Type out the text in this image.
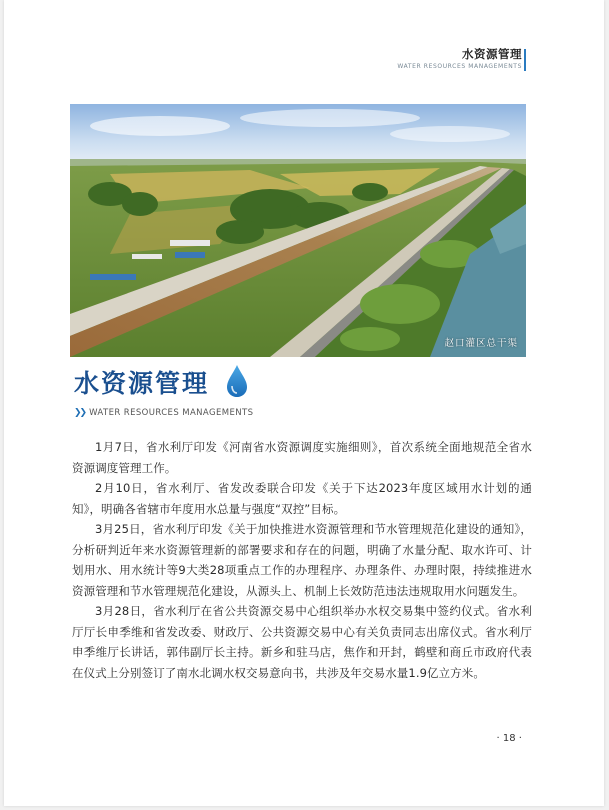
水资源管理
WATER RESOURCES MANAGEMENTS
赵口灌区总干渠
水资源管理
❯❯ WATER RESOURCES MANAGEMENTS

1月7日，省水利厅印发《河南省水资源调度实施细则》，首次系统全面地规范全省水资源调度管理工作。

2月10日，省水利厅、省发改委联合印发《关于下达2023年度区域用水计划的通知》，明确各省辖市年度用水总量与强度“双控”目标。

3月25日，省水利厅印发《关于加快推进水资源管理和节水管理规范化建设的通知》，分析研判近年来水资源管理新的部署要求和存在的问题，明确了水量分配、取水许可、计划用水、用水统计等9大类28项重点工作的办理程序、办理条件、办理时限，持续推进水资源管理和节水管理规范化建设，从源头上、机制上长效防范违法违规取用水问题发生。

3月28日，省水利厅在省公共资源交易中心组织举办水权交易集中签约仪式。省水利厅厅长申季维和省发改委、财政厅、公共资源交易中心有关负责同志出席仪式。省水利厅申季维厅长讲话，郭伟副厅长主持。新乡和驻马店，焦作和开封，鹤壁和商丘市政府代表在仪式上分别签订了南水北调水权交易意向书，共涉及年交易水量1.9亿立方米。

· 18 ·
